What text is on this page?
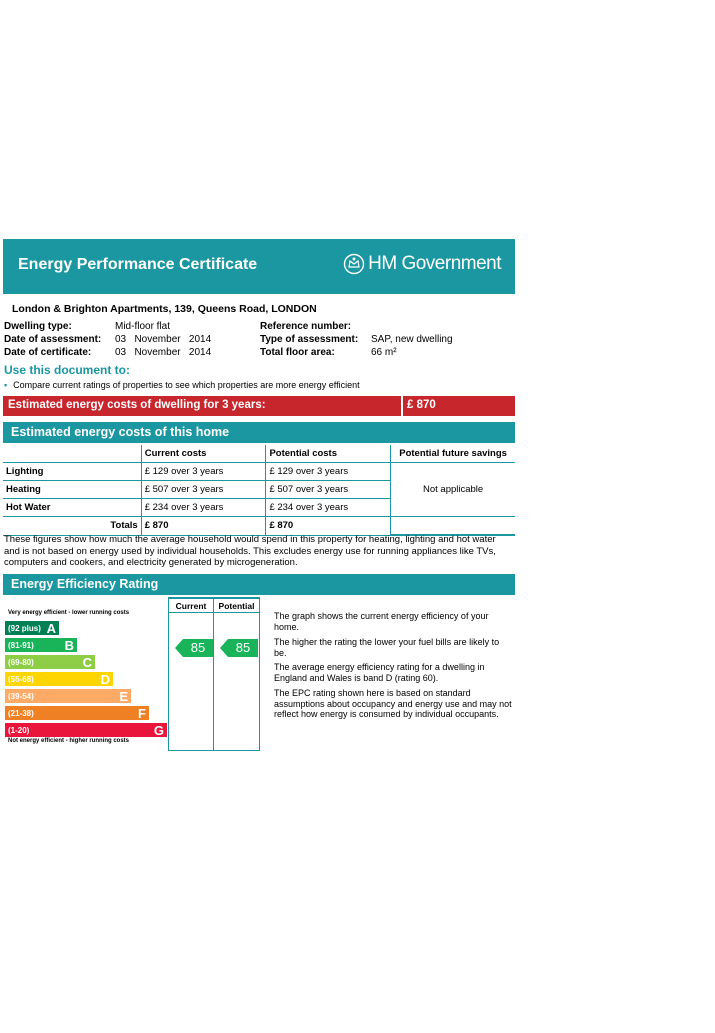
Energy Performance Certificate	HM Government
London & Brighton Apartments, 139, Queens Road, LONDON
Dwelling type:	Mid-floor flat
Date of assessment: 03   November   2014
Date of certificate: 03   November   2014
Reference number:
Type of assessment: SAP, new dwelling
Total floor area:	66 m²
Use this document to:
• Compare current ratings of properties to see which properties are more energy efficient
Estimated energy costs of dwelling for 3 years:	£ 870
Estimated energy costs of this home
	Current costs	Potential costs	Potential future savings
Lighting	£ 129 over 3 years	£ 129 over 3 years	Not applicable
Heating	£ 507 over 3 years	£ 507 over 3 years	
Hot Water	£ 234 over 3 years	£ 234 over 3 years	
Totals	£ 870	£ 870	
These figures show how much the average household would spend in this property for heating, lighting and hot water and is not based on energy used by individual households. This excludes energy use for running appliances like TVs, computers and cookers, and electricity generated by microgeneration.
Energy Efficiency Rating
Very energy efficient - lower running costs
(92 plus) A
(81-91) B
(69-80)	C
(55-68)	D
(39-54)	E
(21-38)	F
(1-20)	G
Not energy efficient - higher running costs
Current
85
Potential
85
The graph shows the current energy efficiency of your home.
The higher the rating the lower your fuel bills are likely to be.
The average energy efficiency rating for a dwelling in England and Wales is band D (rating 60).
The EPC rating shown here is based on standard assumptions about occupancy and energy use and may not reflect how energy is consumed by individual occupants.
